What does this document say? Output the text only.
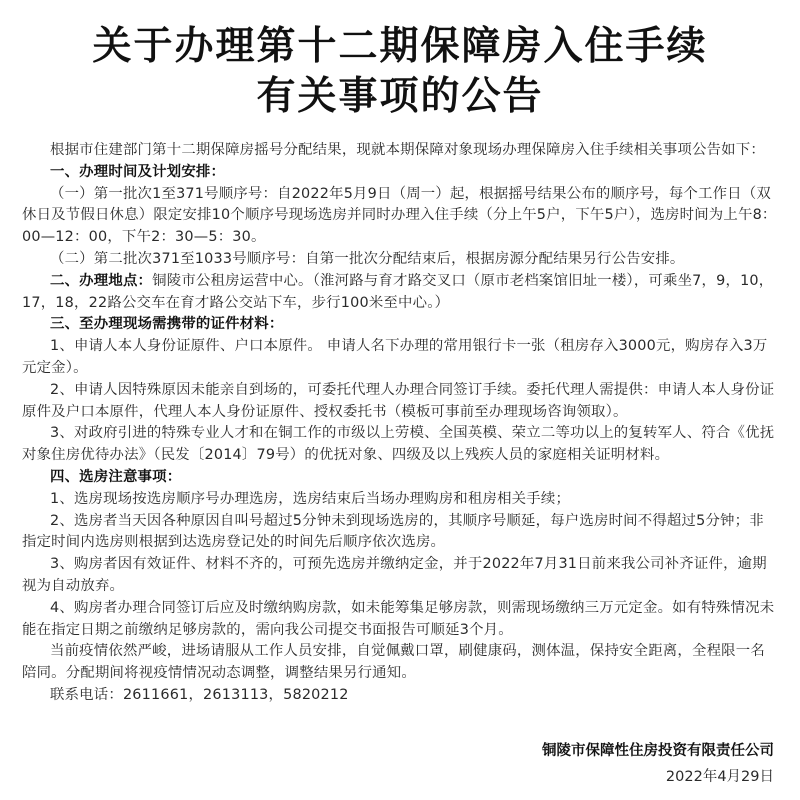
关于办理第十二期保障房入住手续
有关事项的公告

根据市住建部门第十二期保障房摇号分配结果，现就本期保障对象现场办理保障房入住手续相关事项公告如下：

一、办理时间及计划安排：

（一）第一批次1至371号顺序号：自2022年5月9日（周一）起，根据摇号结果公布的顺序号，每个工作日（双休日及节假日休息）限定安排10个顺序号现场选房并同时办理入住手续（分上午5户，下午5户），选房时间为上午8：00—12：00，下午2：30—5：30。

（二）第二批次371至1033号顺序号：自第一批次分配结束后，根据房源分配结果另行公告安排。

二、办理地点：铜陵市公租房运营中心。（淮河路与育才路交叉口（原市老档案馆旧址一楼），可乘坐7，9，10，17，18，22路公交车在育才路公交站下车，步行100米至中心。）

三、至办理现场需携带的证件材料：

1、申请人本人身份证原件、户口本原件。 申请人名下办理的常用银行卡一张（租房存入3000元，购房存入3万元定金）。

2、申请人因特殊原因未能亲自到场的，可委托代理人办理合同签订手续。委托代理人需提供：申请人本人身份证原件及户口本原件，代理人本人身份证原件、授权委托书（模板可事前至办理现场咨询领取）。

3、对政府引进的特殊专业人才和在铜工作的市级以上劳模、全国英模、荣立二等功以上的复转军人、符合《优抚对象住房优待办法》（民发〔2014〕79号）的优抚对象、四级及以上残疾人员的家庭相关证明材料。

四、选房注意事项：

1、选房现场按选房顺序号办理选房，选房结束后当场办理购房和租房相关手续；

2、选房者当天因各种原因自叫号超过5分钟未到现场选房的，其顺序号顺延，每户选房时间不得超过5分钟；非指定时间内选房则根据到达选房登记处的时间先后顺序依次选房。

3、购房者因有效证件、材料不齐的，可预先选房并缴纳定金，并于2022年7月31日前来我公司补齐证件，逾期视为自动放弃。

4、购房者办理合同签订后应及时缴纳购房款，如未能筹集足够房款，则需现场缴纳三万元定金。如有特殊情况未能在指定日期之前缴纳足够房款的，需向我公司提交书面报告可顺延3个月。

当前疫情依然严峻，进场请服从工作人员安排，自觉佩戴口罩，刷健康码，测体温，保持安全距离，全程限一名陪同。分配期间将视疫情情况动态调整，调整结果另行通知。

联系电话：2611661，2613113，5820212

铜陵市保障性住房投资有限责任公司
2022年4月29日
